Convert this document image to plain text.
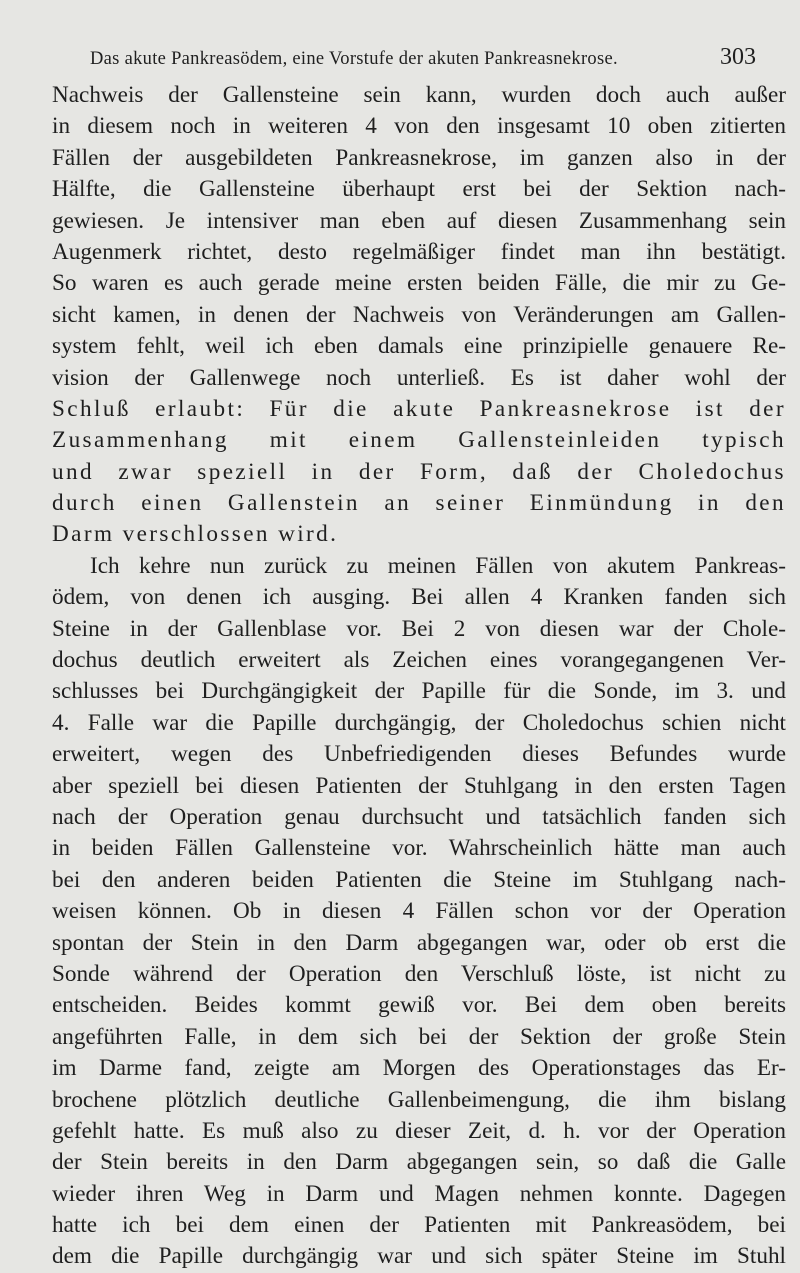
Das akute Pankreasödem, eine Vorstufe der akuten Pankreasnekrose.	303
Nachweis der Gallensteine sein kann, wurden doch auch außer
in diesem noch in weiteren 4 von den insgesamt 10 oben zitierten
Fällen der ausgebildeten Pankreasnekrose, im ganzen also in der
Hälfte, die Gallensteine überhaupt erst bei der Sektion nach-
gewiesen. Je intensiver man eben auf diesen Zusammenhang sein
Augenmerk richtet, desto regelmäßiger findet man ihn bestätigt.
So waren es auch gerade meine ersten beiden Fälle, die mir zu Ge-
sicht kamen, in denen der Nachweis von Veränderungen am Gallen-
system fehlt, weil ich eben damals eine prinzipielle genauere Re-
vision der Gallenwege noch unterließ. Es ist daher wohl der
Schluß erlaubt: Für die akute Pankreasnekrose ist der
Zusammenhang mit einem Gallensteinleiden typisch
und zwar speziell in der Form, daß der Choledochus
durch einen Gallenstein an seiner Einmündung in den
Darm verschlossen wird.
Ich kehre nun zurück zu meinen Fällen von akutem Pankreas-
ödem, von denen ich ausging. Bei allen 4 Kranken fanden sich
Steine in der Gallenblase vor. Bei 2 von diesen war der Chole-
dochus deutlich erweitert als Zeichen eines vorangegangenen Ver-
schlusses bei Durchgängigkeit der Papille für die Sonde, im 3. und
4. Falle war die Papille durchgängig, der Choledochus schien nicht
erweitert, wegen des Unbefriedigenden dieses Befundes wurde
aber speziell bei diesen Patienten der Stuhlgang in den ersten Tagen
nach der Operation genau durchsucht und tatsächlich fanden sich
in beiden Fällen Gallensteine vor. Wahrscheinlich hätte man auch
bei den anderen beiden Patienten die Steine im Stuhlgang nach-
weisen können. Ob in diesen 4 Fällen schon vor der Operation
spontan der Stein in den Darm abgegangen war, oder ob erst die
Sonde während der Operation den Verschluß löste, ist nicht zu
entscheiden. Beides kommt gewiß vor. Bei dem oben bereits
angeführten Falle, in dem sich bei der Sektion der große Stein
im Darme fand, zeigte am Morgen des Operationstages das Er-
brochene plötzlich deutliche Gallenbeimengung, die ihm bislang
gefehlt hatte. Es muß also zu dieser Zeit, d. h. vor der Operation
der Stein bereits in den Darm abgegangen sein, so daß die Galle
wieder ihren Weg in Darm und Magen nehmen konnte. Dagegen
hatte ich bei dem einen der Patienten mit Pankreasödem, bei
dem die Papille durchgängig war und sich später Steine im Stuhl
